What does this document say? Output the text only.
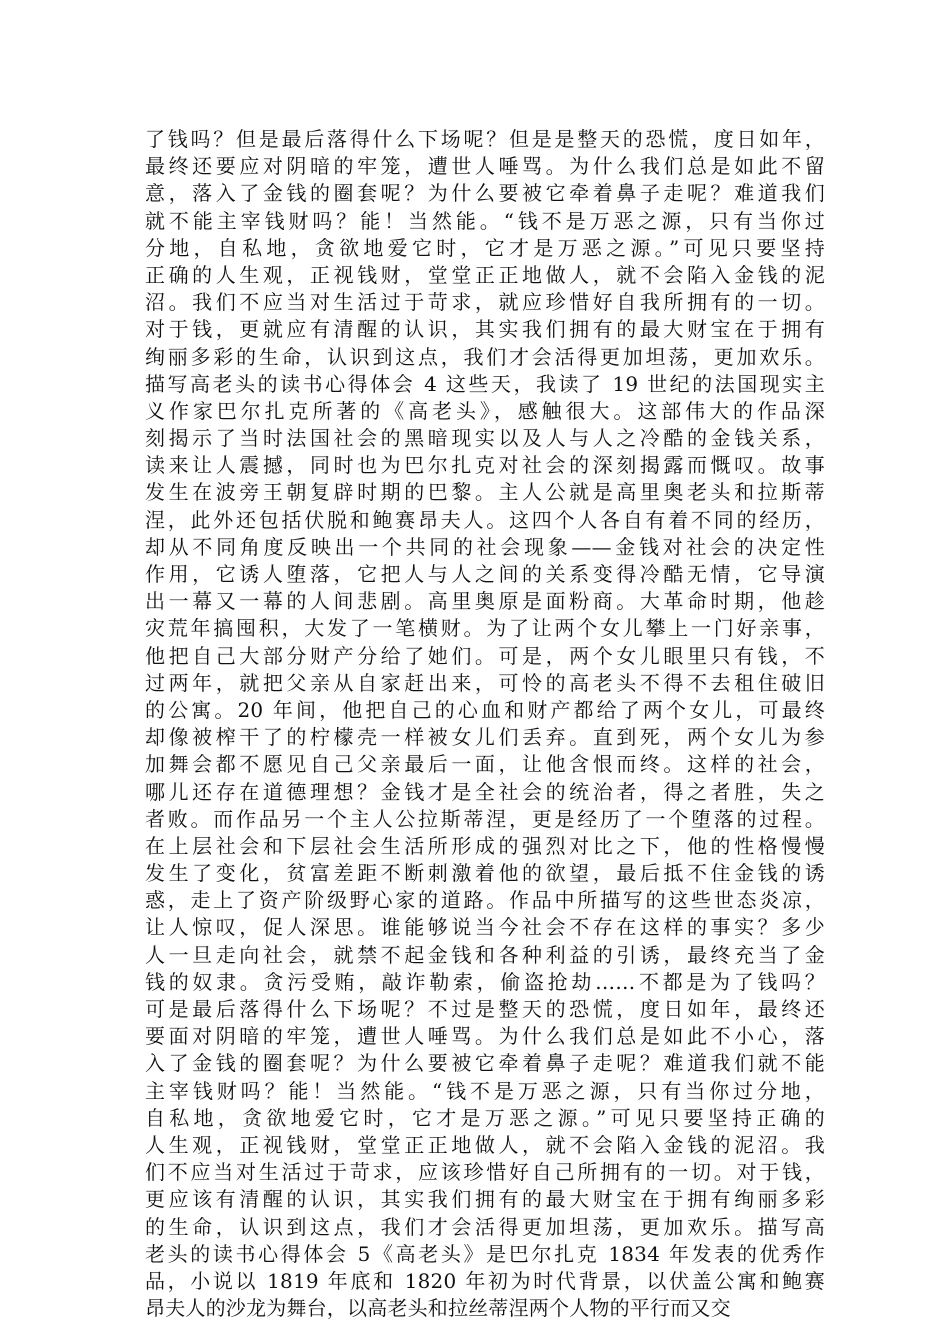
了钱吗？但是最后落得什么下场呢？但是是整天的恐慌，度日如年，
最终还要应对阴暗的牢笼，遭世人唾骂。为什么我们总是如此不留
意，落入了金钱的圈套呢？为什么要被它牵着鼻子走呢？难道我们
就不能主宰钱财吗？能！当然能。“钱不是万恶之源，只有当你过
分地，自私地，贪欲地爱它时，它才是万恶之源。”可见只要坚持
正确的人生观，正视钱财，堂堂正正地做人，就不会陷入金钱的泥
沼。我们不应当对生活过于苛求，就应珍惜好自我所拥有的一切。
对于钱，更就应有清醒的认识，其实我们拥有的最大财宝在于拥有
绚丽多彩的生命，认识到这点，我们才会活得更加坦荡，更加欢乐。
描写高老头的读书心得体会 4 这些天，我读了 19 世纪的法国现实主
义作家巴尔扎克所著的《高老头》，感触很大。这部伟大的作品深
刻揭示了当时法国社会的黑暗现实以及人与人之冷酷的金钱关系，
读来让人震撼，同时也为巴尔扎克对社会的深刻揭露而慨叹。故事
发生在波旁王朝复辟时期的巴黎。主人公就是高里奥老头和拉斯蒂
涅，此外还包括伏脱和鲍赛昂夫人。这四个人各自有着不同的经历，
却从不同角度反映出一个共同的社会现象——金钱对社会的决定性
作用，它诱人堕落，它把人与人之间的关系变得冷酷无情，它导演
出一幕又一幕的人间悲剧。高里奥原是面粉商。大革命时期，他趁
灾荒年搞囤积，大发了一笔横财。为了让两个女儿攀上一门好亲事，
他把自己大部分财产分给了她们。可是，两个女儿眼里只有钱，不
过两年，就把父亲从自家赶出来，可怜的高老头不得不去租住破旧
的公寓。20 年间，他把自己的心血和财产都给了两个女儿，可最终
却像被榨干了的柠檬壳一样被女儿们丢弃。直到死，两个女儿为参
加舞会都不愿见自己父亲最后一面，让他含恨而终。这样的社会，
哪儿还存在道德理想？金钱才是全社会的统治者，得之者胜，失之
者败。而作品另一个主人公拉斯蒂涅，更是经历了一个堕落的过程。
在上层社会和下层社会生活所形成的强烈对比之下，他的性格慢慢
发生了变化，贫富差距不断刺激着他的欲望，最后抵不住金钱的诱
惑，走上了资产阶级野心家的道路。作品中所描写的这些世态炎凉，
让人惊叹，促人深思。谁能够说当今社会不存在这样的事实？多少
人一旦走向社会，就禁不起金钱和各种利益的引诱，最终充当了金
钱的奴隶。贪污受贿，敲诈勒索，偷盗抢劫……不都是为了钱吗？
可是最后落得什么下场呢？不过是整天的恐慌，度日如年，最终还
要面对阴暗的牢笼，遭世人唾骂。为什么我们总是如此不小心，落
入了金钱的圈套呢？为什么要被它牵着鼻子走呢？难道我们就不能
主宰钱财吗？能！当然能。“钱不是万恶之源，只有当你过分地，
自私地，贪欲地爱它时，它才是万恶之源。”可见只要坚持正确的
人生观，正视钱财，堂堂正正地做人，就不会陷入金钱的泥沼。我
们不应当对生活过于苛求，应该珍惜好自己所拥有的一切。对于钱，
更应该有清醒的认识，其实我们拥有的最大财宝在于拥有绚丽多彩
的生命，认识到这点，我们才会活得更加坦荡，更加欢乐。描写高
老头的读书心得体会 5《高老头》是巴尔扎克 1834 年发表的优秀作
品，小说以 1819 年底和 1820 年初为时代背景，以伏盖公寓和鲍赛
昂夫人的沙龙为舞台，以高老头和拉丝蒂涅两个人物的平行而又交
